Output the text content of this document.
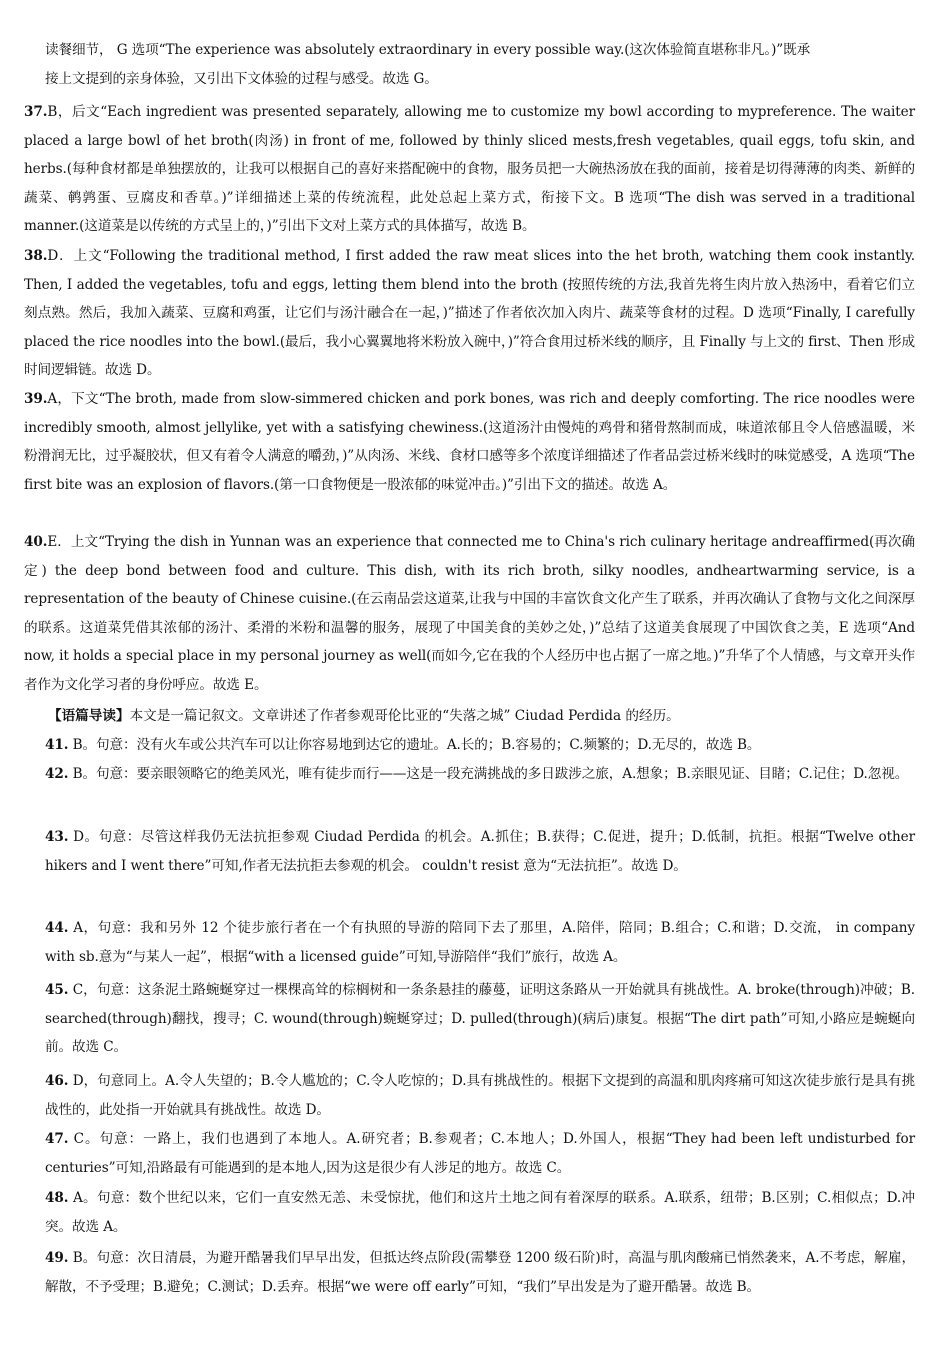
读餐细节， G 选项“The experience was absolutely extraordinary in every possible way.(这次体验简直堪称非凡。)”既承
接上文提到的亲身体验，又引出下文体验的过程与感受。故选 G。
37.B，后文“Each ingredient was presented separately, allowing me to customize my bowl according to mypreference. The waiter placed a large bowl of het broth(肉汤) in front of me, followed by thinly sliced mests,fresh vegetables, quail eggs, tofu skin, and herbs.(每种食材都是单独摆放的，让我可以根据自己的喜好来搭配碗中的食物，服务员把一大碗热汤放在我的面前，接着是切得薄薄的肉类、新鲜的蔬菜、鹌鹑蛋、豆腐皮和香草。)”详细描述上菜的传统流程，此处总起上菜方式，衔接下文。B 选项“The dish was served in a traditional manner.(这道菜是以传统的方式呈上的，)”引出下文对上菜方式的具体描写，故选 B。
38.D．上文“Following the traditional method, I first added the raw meat slices into the het broth, watching them cook instantly. Then, I added the vegetables, tofu and eggs, letting them blend into the broth (按照传统的方法,我首先将生肉片放入热汤中，看着它们立刻点熟。然后，我加入蔬菜、豆腐和鸡蛋，让它们与汤汁融合在一起，)”描述了作者依次加入肉片、蔬菜等食材的过程。D 选项“Finally, I carefully placed the rice noodles into the bowl.(最后，我小心翼翼地将米粉放入碗中，)”符合食用过桥米线的顺序，且 Finally 与上文的 first、Then 形成时间逻辑链。故选 D。
39.A，下文“The broth, made from slow-simmered chicken and pork bones, was rich and deeply comforting. The rice noodles were incredibly smooth, almost jellylike, yet with a satisfying chewiness.(这道汤汁由慢炖的鸡骨和猪骨熬制而成，味道浓郁且令人倍感温暖，米粉滑润无比，过乎凝胶状，但又有着令人满意的嚼劲，)”从肉汤、米线、食材口感等多个浓度详细描述了作者品尝过桥米线时的味觉感受，A 选项“The first bite was an explosion of flavors.(第一口食物便是一股浓郁的味觉冲击。)”引出下文的描述。故选 A。
40.E．上文“Trying the dish in Yunnan was an experience that connected me to China's rich culinary heritage andreaffirmed(再次确定) the deep bond between food and culture. This dish, with its rich broth, silky noodles, andheartwarming service, is a representation of the beauty of Chinese cuisine.(在云南品尝这道菜,让我与中国的丰富饮食文化产生了联系，并再次确认了食物与文化之间深厚的联系。这道菜凭借其浓郁的汤汁、柔滑的米粉和温馨的服务，展现了中国美食的美妙之处，)”总结了这道美食展现了中国饮食之美，E 选项“And now, it holds a special place in my personal journey as well(而如今,它在我的个人经历中也占据了一席之地。)”升华了个人情感，与文章开头作者作为文化学习者的身份呼应。故选 E。
【语篇导读】本文是一篇记叙文。文章讲述了作者参观哥伦比亚的“失落之城” Ciudad Perdida 的经历。
41. B。句意：没有火车或公共汽车可以让你容易地到达它的遗址。A.长的；B.容易的；C.频繁的；D.无尽的，故选 B。
42. B。句意：要亲眼领略它的绝美风光，唯有徒步而行——这是一段充满挑战的多日跋涉之旅，A.想象；B.亲眼见证、目睹；C.记住；D.忽视。
43. D。句意：尽管这样我仍无法抗拒参观 Ciudad Perdida 的机会。A.抓住；B.获得；C.促进，提升；D.低制，抗拒。根据“Twelve other hikers and I went there”可知,作者无法抗拒去参观的机会。 couldn't resist 意为“无法抗拒”。故选 D。
44. A，句意：我和另外 12 个徒步旅行者在一个有执照的导游的陪同下去了那里，A.陪伴，陪同；B.组合；C.和谐；D.交流， in company with sb.意为“与某人一起”，根据“with a licensed guide”可知,导游陪伴“我们”旅行，故选 A。
45. C，句意：这条泥土路蜿蜒穿过一棵棵高耸的棕榈树和一条条悬挂的藤蔓，证明这条路从一开始就具有挑战性。A. broke(through)冲破；B. searched(through)翻找，搜寻；C. wound(through)蜿蜒穿过；D. pulled(through)(病后)康复。根据“The dirt path”可知,小路应是蜿蜒向前。故选 C。
46. D，句意同上。A.令人失望的；B.令人尴尬的；C.令人吃惊的；D.具有挑战性的。根据下文提到的高温和肌肉疼痛可知这次徒步旅行是具有挑战性的，此处指一开始就具有挑战性。故选 D。
47. C。句意：一路上，我们也遇到了本地人。A.研究者；B.参观者；C.本地人；D.外国人，根据“They had been left undisturbed for centuries”可知,沿路最有可能遇到的是本地人,因为这是很少有人涉足的地方。故选 C。
48. A。句意：数个世纪以来，它们一直安然无恙、未受惊扰，他们和这片土地之间有着深厚的联系。A.联系，纽带；B.区别；C.相似点；D.冲突。故选 A。
49. B。句意：次日清晨，为避开酷暑我们早早出发，但抵达终点阶段(需攀登 1200 级石阶)时，高温与肌肉酸痛已悄然袭来，A.不考虑，解雇，解散，不予受理；B.避免；C.测试；D.丢弃。根据“we were off early”可知，“我们”早出发是为了避开酷暑。故选 B。
